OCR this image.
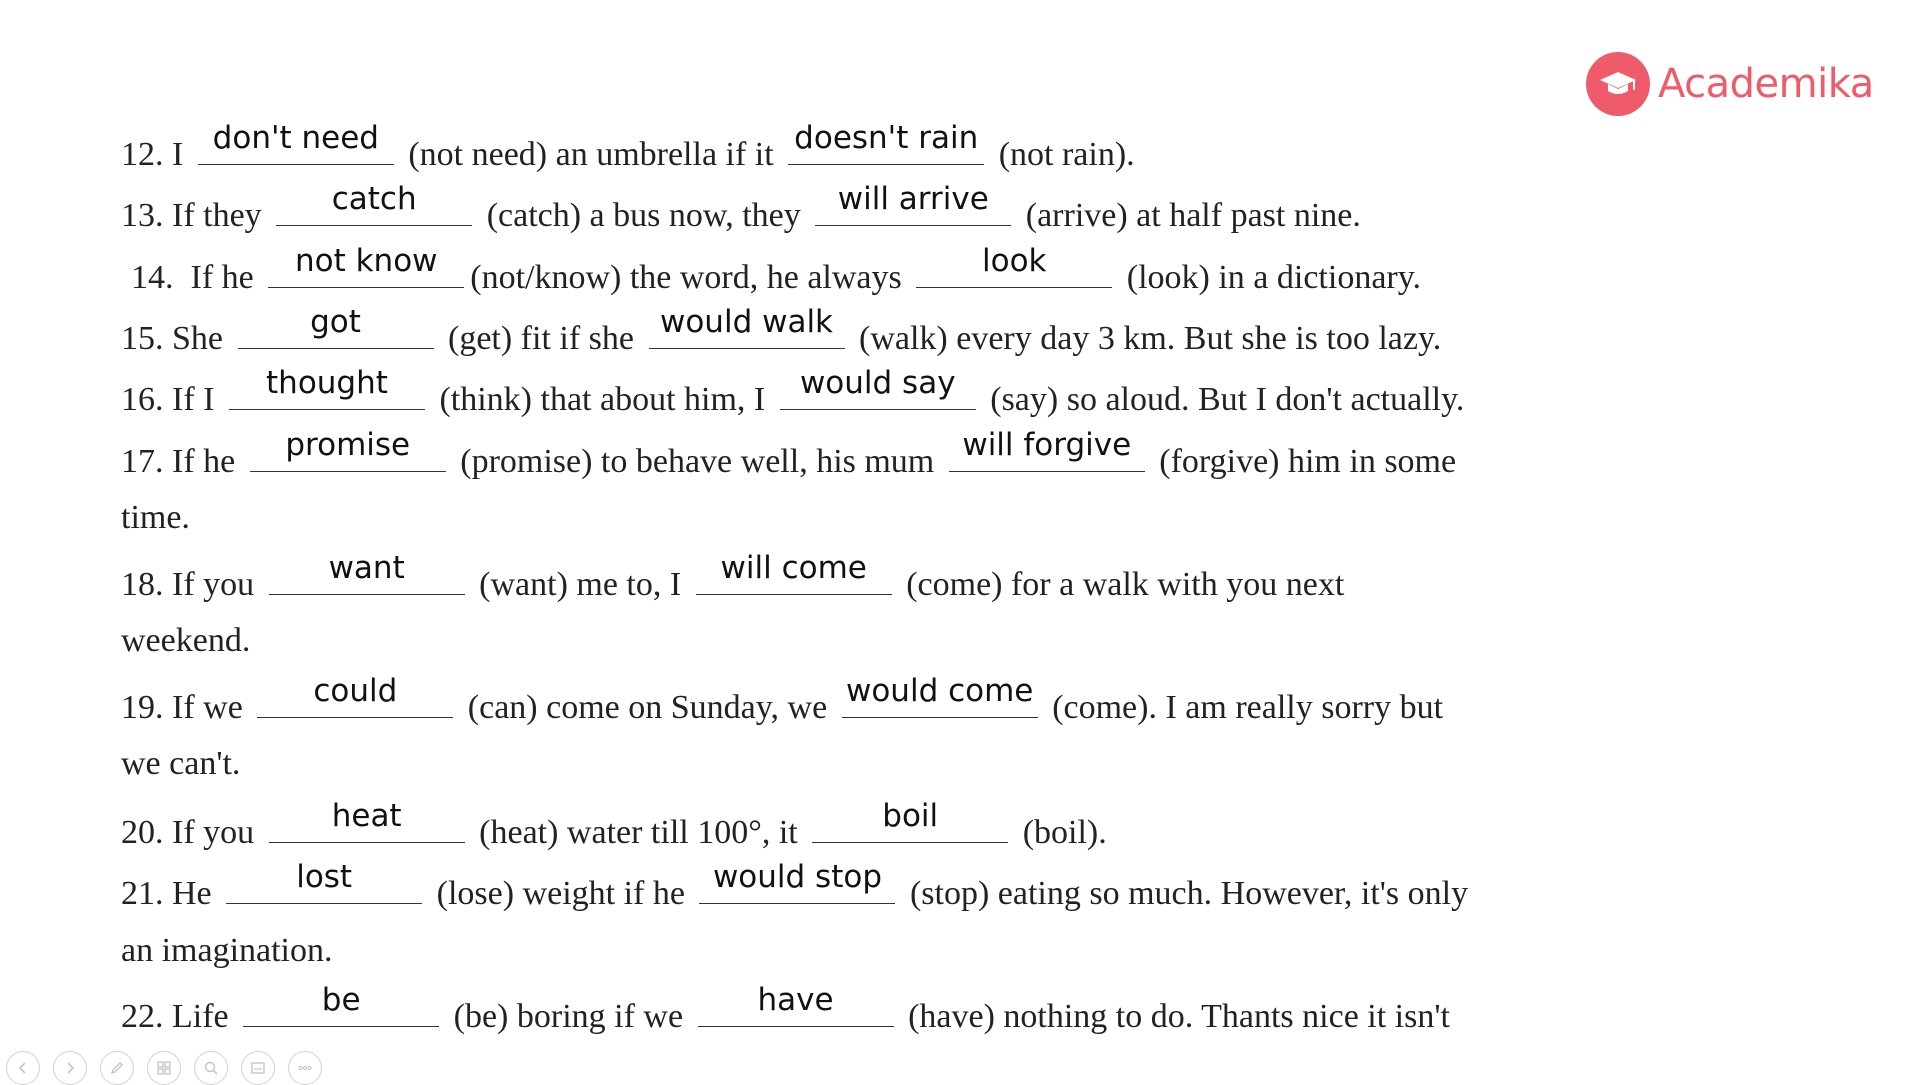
Academika
12. I don't need (not need) an umbrella if it doesn't rain (not rain).
13. If they	catch	(catch) a bus now, they will arrive (arrive) at half past nine.
14.  If he	not know (not/know) the word, he always	look	(look) in a dictionary.
15. She	got	(get) fit if she would walk (walk) every day 3 km. But she is too lazy.
16. If I	thought	(think) that about him, I would say (say) so aloud. But I don't actually.
17. If he	promise	(promise) to behave well, his mum will forgive (forgive) him in some
time.
18. If you	want	(want) me to, I will come (come) for a walk with you next
weekend.
19. If we	could	(can) come on Sunday, we would come (come). I am really sorry but
we can't.
20. If you	heat	(heat) water till 100°, it	boil	(boil).
21. He	lost	(lose) weight if he would stop (stop) eating so much. However, it's only
an imagination.
22. Life	be	(be) boring if we	have	(have) nothing to do. Thants nice it isn't
